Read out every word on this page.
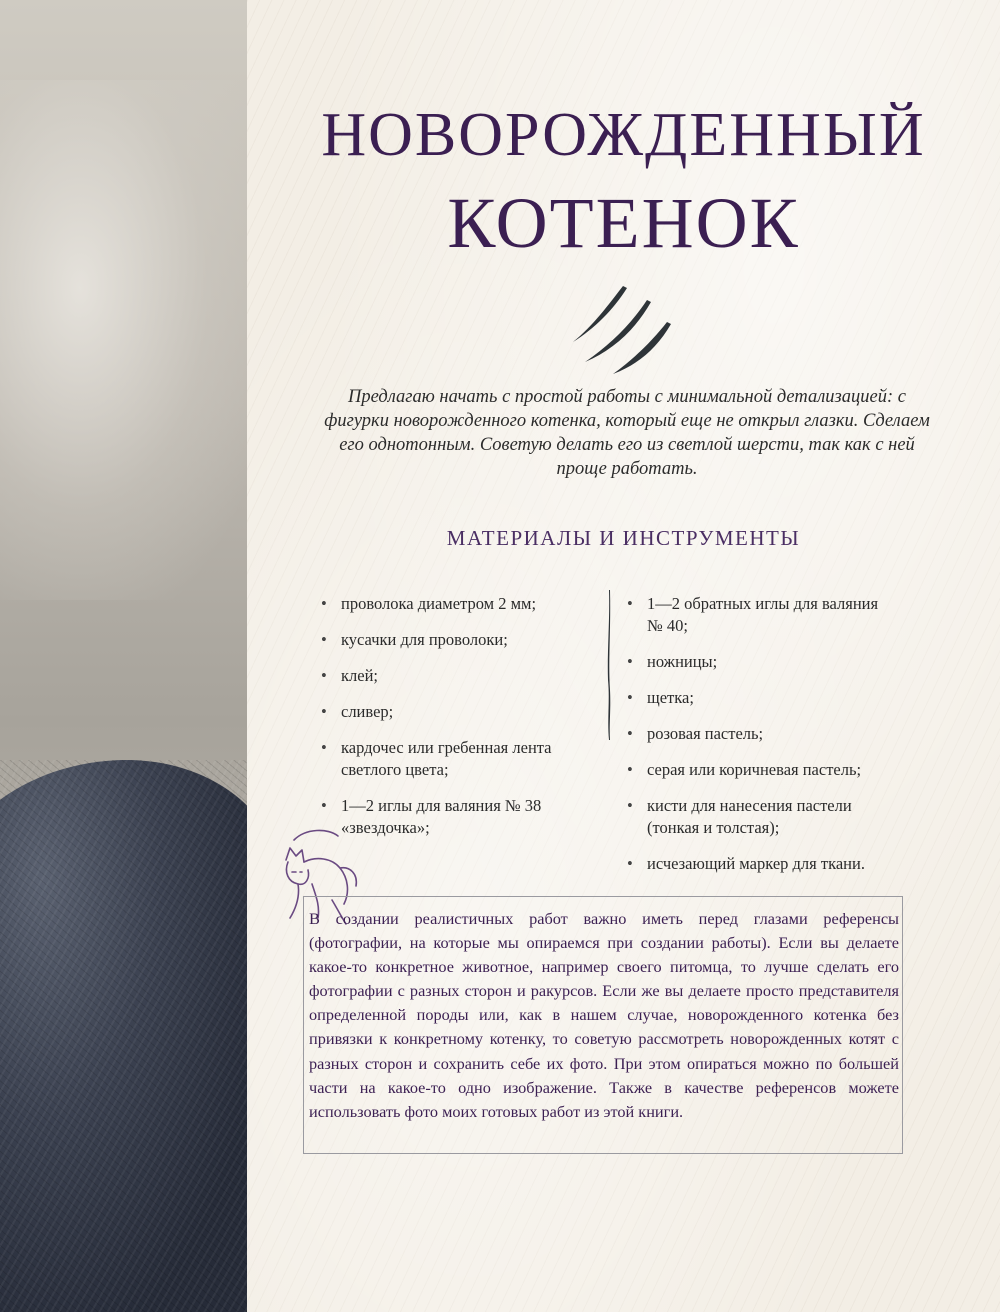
НОВОРОЖДЕННЫЙ
КОТЕНОК

Предлагаю начать с простой работы с минимальной детализацией: с фигурки новорожденного котенка, который еще не открыл глазки. Сделаем его однотонным. Советую делать его из светлой шерсти, так как с ней проще работать.

МАТЕРИАЛЫ И ИНСТРУМЕНТЫ
• проволока диаметром 2 мм;
• кусачки для проволоки;
• клей;
• сливер;
• кардочес или гребенная лента светлого цвета;
• 1—2 иглы для валяния № 38 «звездочка»;
• 1—2 обратных иглы для валяния № 40;
• ножницы;
• щетка;
• розовая пастель;
• серая или коричневая пастель;
• кисти для нанесения пастели (тонкая и толстая);
• исчезающий маркер для ткани.

В создании реалистичных работ важно иметь перед глазами референсы (фотографии, на которые мы опираемся при создании работы). Если вы делаете какое-то конкретное животное, например своего питомца, то лучше сделать его фотографии с разных сторон и ракурсов. Если же вы делаете просто представителя определенной породы или, как в нашем случае, новорожденного котенка без привязки к конкретному котенку, то советую рассмотреть новорожденных котят с разных сторон и сохранить себе их фото. При этом опираться можно по большей части на какое-то одно изображение. Также в качестве референсов можете использовать фото моих готовых работ из этой книги.
